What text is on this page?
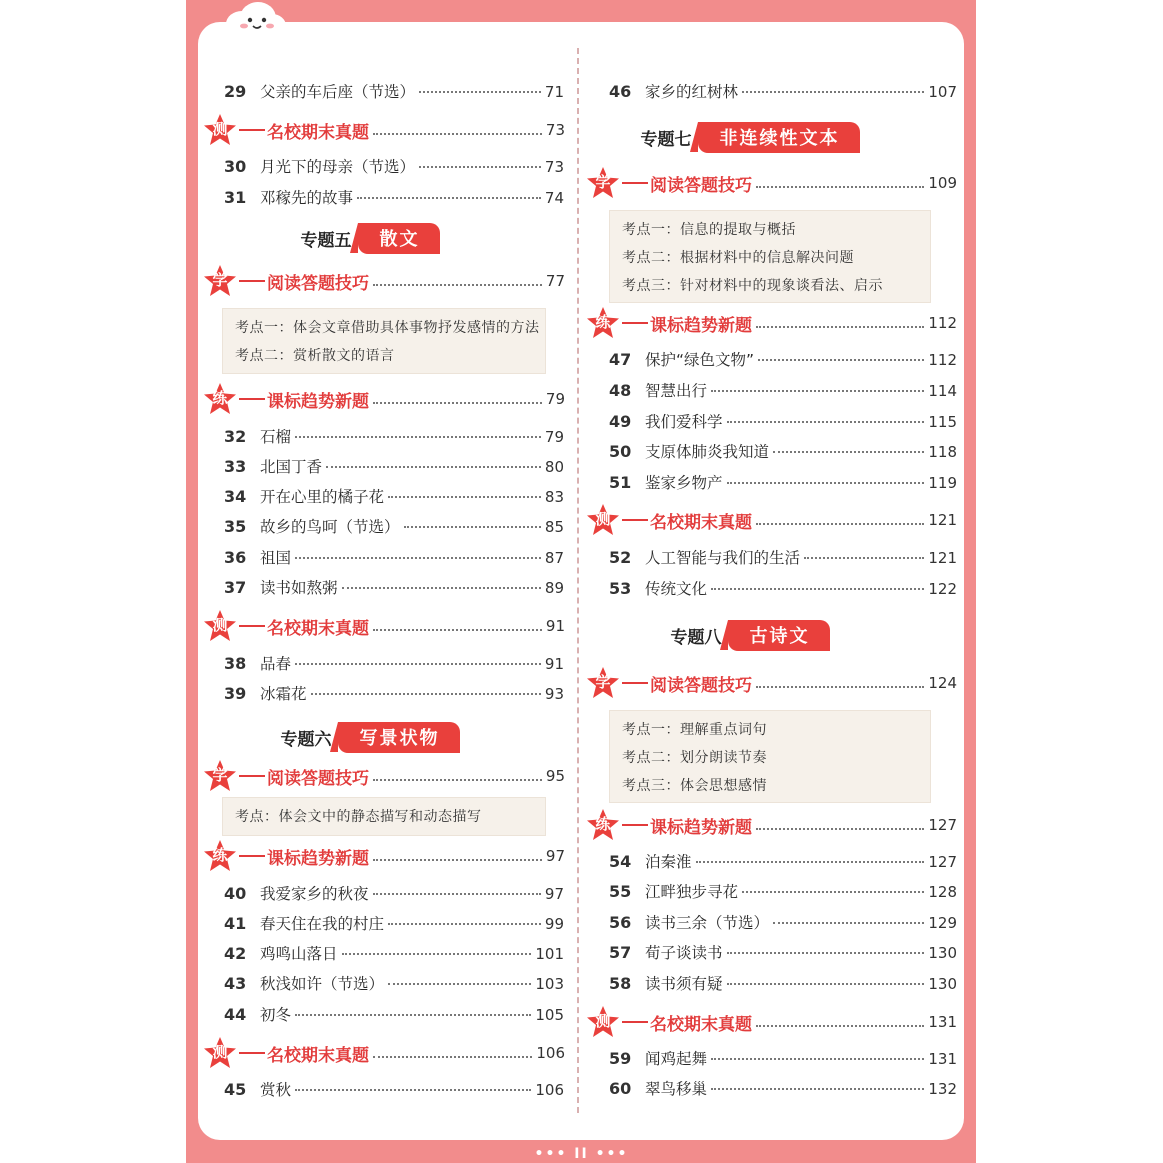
29 父亲的车后座（节选）	71
30 月光下的母亲（节选）	73
31 邓稼先的故事	74
32 石榴	79
33 北国丁香	80
34 开在心里的橘子花	83
35 故乡的鸟呵（节选）	85
36 祖国	87
37 读书如熬粥	89
38 品春	91
39 冰霜花	93
40 我爱家乡的秋夜	97
41 春天住在我的村庄	99
42 鸡鸣山落日	101
43 秋浅如许（节选）	103
44 初冬	105
45 赏秋	106
测	名校期末真题	73
学	阅读答题技巧	77
练	课标趋势新题	79
测	名校期末真题	91
学	阅读答题技巧	95
练	课标趋势新题	97
测	名校期末真题	106
专题五	散文
专题六	写景状物
考点一：体会文章借助具体事物抒发感情的方法
考点二：赏析散文的语言
考点：体会文中的静态描写和动态描写
46 家乡的红树林	107
47 保护“绿色文物”	112
48 智慧出行	114
49 我们爱科学	115
50 支原体肺炎我知道	118
51 鉴家乡物产	119
52 人工智能与我们的生活	121
53 传统文化	122
54 泊秦淮	127
55 江畔独步寻花	128
56 读书三余（节选）	129
57 荀子谈读书	130
58 读书须有疑	130
59 闻鸡起舞	131
60 翠鸟移巢	132
学	阅读答题技巧	109
练	课标趋势新题	112
测	名校期末真题	121
学	阅读答题技巧	124
练	课标趋势新题	127
测	名校期末真题	131
专题七	非连续性文本
专题八	古诗文
考点一：信息的提取与概括
考点二：根据材料中的信息解决问题
考点三：针对材料中的现象谈看法、启示
考点一：理解重点词句
考点二：划分朗读节奏
考点三：体会思想感情
••• II •••
